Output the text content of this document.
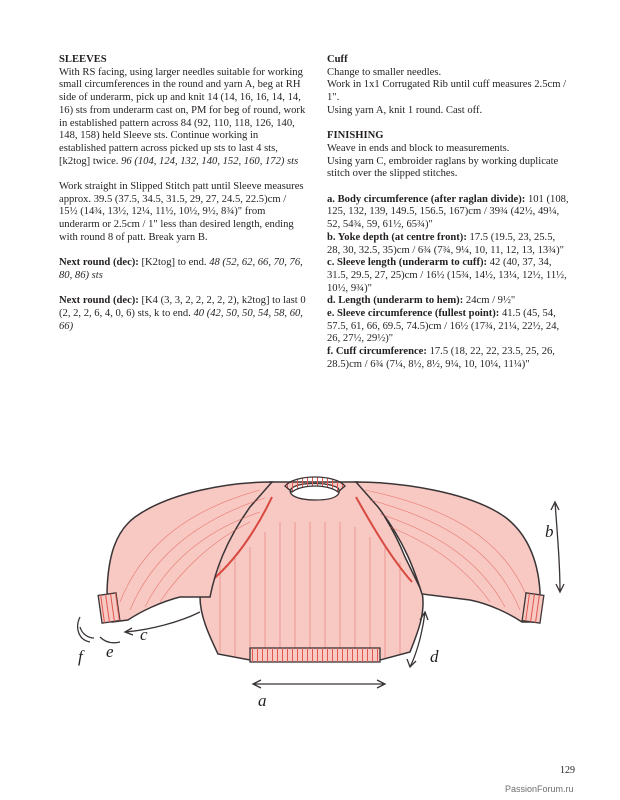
SLEEVES

With RS facing, using larger needles suitable for working small circumferences in the round and yarn A, beg at RH side of underarm, pick up and knit 14 (14, 16, 16, 14, 14, 16) sts from underarm cast on, PM for beg of round, work in established pattern across 84 (92, 110, 118, 126, 140, 148, 158) held Sleeve sts. Continue working in established pattern across picked up sts to last 4 sts, [k2tog] twice. 96 (104, 124, 132, 140, 152, 160, 172) sts

Work straight in Slipped Stitch patt until Sleeve measures approx. 39.5 (37.5, 34.5, 31.5, 29, 27, 24.5, 22.5)cm / 15½ (14¾, 13½, 12¼, 11½, 10½, 9½, 8¾)" from underarm or 2.5cm / 1" less than desired length, ending with round 8 of patt. Break yarn B.

Next round (dec): [K2tog] to end. 48 (52, 62, 66, 70, 76, 80, 86) sts

Next round (dec): [K4 (3, 3, 2, 2, 2, 2, 2), k2tog] to last 0 (2, 2, 2, 6, 4, 0, 6) sts, k to end. 40 (42, 50, 50, 54, 58, 60, 66)

Cuff
Change to smaller needles.
Work in 1x1 Corrugated Rib until cuff measures 2.5cm / 1".
Using yarn A, knit 1 round. Cast off.
FINISHING
Weave in ends and block to measurements.
Using yarn C, embroider raglans by working duplicate stitch over the slipped stitches.
a. Body circumference (after raglan divide): 101 (108, 125, 132, 139, 149.5, 156.5, 167)cm / 39¾ (42½, 49¼, 52, 54¾, 59, 61½, 65¾)"
b. Yoke depth (at centre front): 17.5 (19.5, 23, 25.5, 28, 30, 32.5, 35)cm / 6¾ (7¾, 9¼, 10, 11, 12, 13, 13¾)"
c. Sleeve length (underarm to cuff): 42 (40, 37, 34, 31.5, 29.5, 27, 25)cm / 16½ (15¾, 14½, 13¼, 12½, 11½, 10½, 9¾)"
d. Length (underarm to hem): 24cm / 9½"
e. Sleeve circumference (fullest point): 41.5 (45, 54, 57.5, 61, 66, 69.5, 74.5)cm / 16½ (17¾, 21¼, 22½, 24, 26, 27½, 29½)"
f. Cuff circumference: 17.5 (18, 22, 22, 23.5, 25, 26, 28.5)cm / 6¾ (7¼, 8½, 8½, 9¼, 10, 10¼, 11¼)"
b
c
d
a
f e
129
PassionForum.ru
